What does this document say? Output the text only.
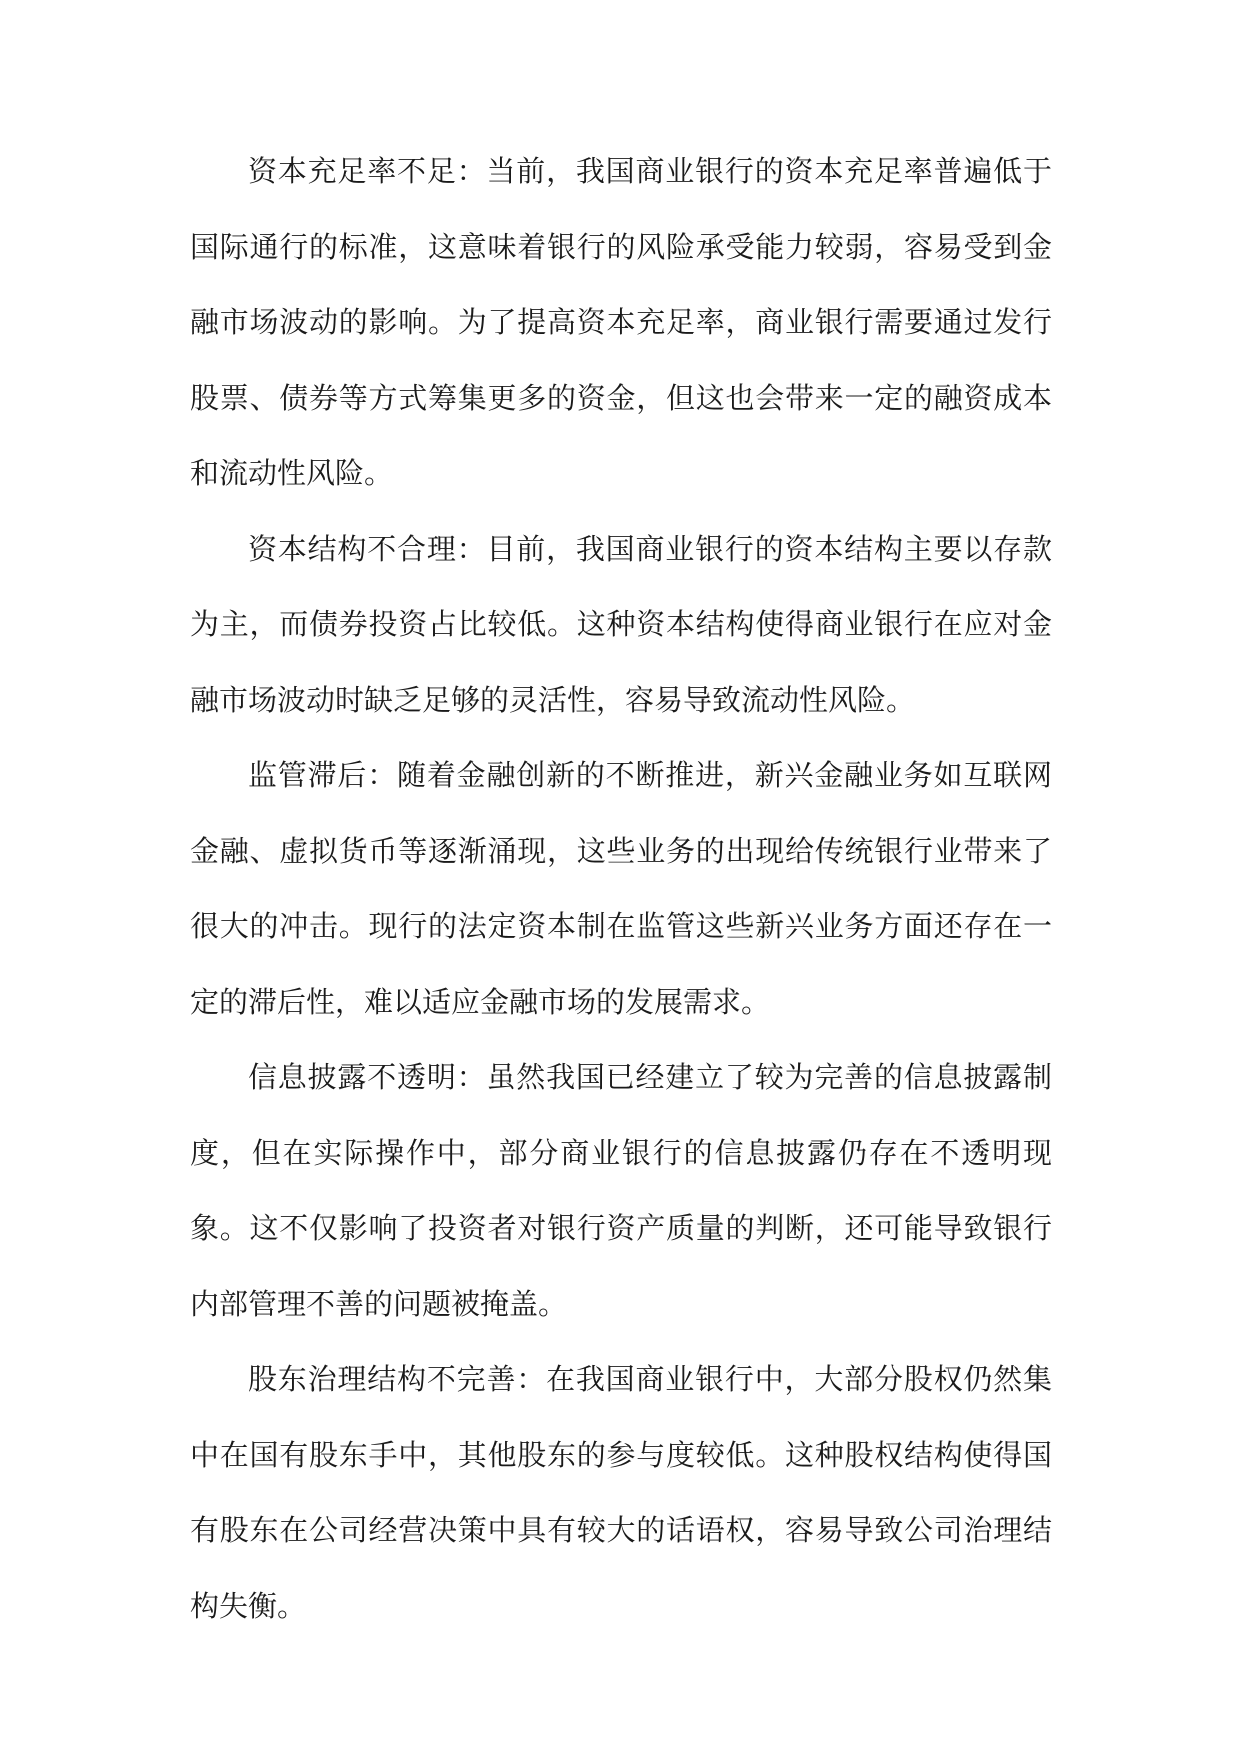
资本充足率不足：当前，我国商业银行的资本充足率普遍低于国际通行的标准，这意味着银行的风险承受能力较弱，容易受到金融市场波动的影响。为了提高资本充足率，商业银行需要通过发行股票、债券等方式筹集更多的资金，但这也会带来一定的融资成本和流动性风险。

资本结构不合理：目前，我国商业银行的资本结构主要以存款为主，而债券投资占比较低。这种资本结构使得商业银行在应对金融市场波动时缺乏足够的灵活性，容易导致流动性风险。

监管滞后：随着金融创新的不断推进，新兴金融业务如互联网金融、虚拟货币等逐渐涌现，这些业务的出现给传统银行业带来了很大的冲击。现行的法定资本制在监管这些新兴业务方面还存在一定的滞后性，难以适应金融市场的发展需求。

信息披露不透明：虽然我国已经建立了较为完善的信息披露制度，但在实际操作中，部分商业银行的信息披露仍存在不透明现象。这不仅影响了投资者对银行资产质量的判断，还可能导致银行内部管理不善的问题被掩盖。

股东治理结构不完善：在我国商业银行中，大部分股权仍然集中在国有股东手中，其他股东的参与度较低。这种股权结构使得国有股东在公司经营决策中具有较大的话语权，容易导致公司治理结构失衡。
